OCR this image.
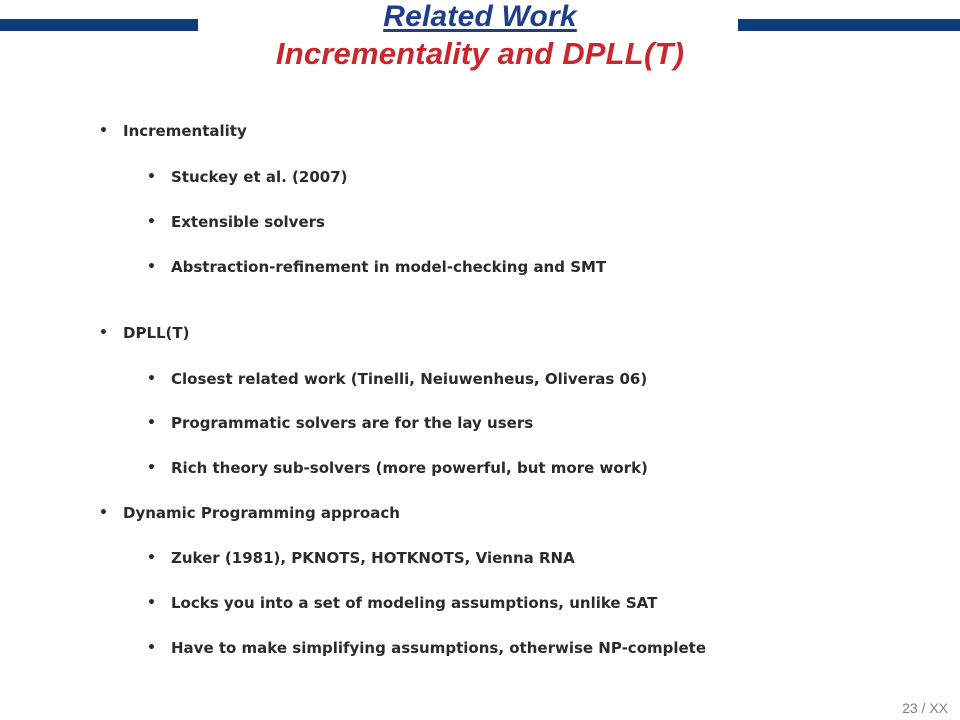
Related Work
Incrementality and DPLL(T)
• Incrementality
• Stuckey et al. (2007)
• Extensible solvers
• Abstraction-refinement in model-checking and SMT
• DPLL(T)
• Closest related work (Tinelli, Neiuwenheus, Oliveras 06)
• Programmatic solvers are for the lay users
• Rich theory sub-solvers (more powerful, but more work)
• Dynamic Programming approach
• Zuker (1981), PKNOTS, HOTKNOTS, Vienna RNA
• Locks you into a set of modeling assumptions, unlike SAT
• Have to make simplifying assumptions, otherwise NP-complete
23 / XX
